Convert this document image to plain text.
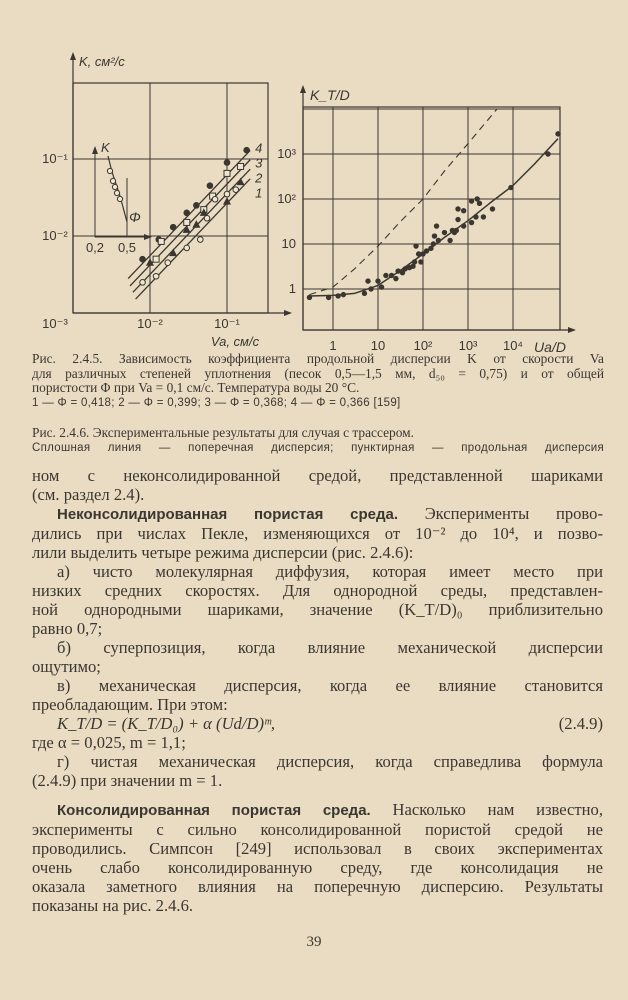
10⁻²	10⁻¹
10⁻¹
10⁻²
10⁻³
K, см²/с
Va, см/с
4
3
2
1
K
Φ
0,2 0,5
1	10 10² 10³ 10⁴
1
10
10²
10³
K_T/D
Ua/D
Рис. 2.4.5. Зависимость коэффициента продольной дисперсии K от скорости Va
для различных степеней уплотнения (песок 0,5—1,5 мм, d₅₀ = 0,75) и от общей
пористости Φ при Va = 0,1 см/с. Температура воды 20 °C.
1 — Φ = 0,418; 2 — Φ = 0,399; 3 — Φ = 0,368; 4 — Φ = 0,366 [159]
Рис. 2.4.6. Экспериментальные результаты для случая с трассером.
Сплошная линия — поперечная дисперсия; пунктирная — продольная дисперсия
ном с неконсолидированной средой, представленной шариками
(см. раздел 2.4).
Неконсолидированная пористая среда. Эксперименты прово-
дились при числах Пекле, изменяющихся от 10⁻² до 10⁴, и позво-
лили выделить четыре режима дисперсии (рис. 2.4.6):
а) чисто молекулярная диффузия, которая имеет место при
низких средних скоростях. Для однородной среды, представлен-
ной однородными шариками, значение (K_T/D)₀ приблизительно
равно 0,7;
б) суперпозиция, когда влияние механической дисперсии
ощутимо;
в) механическая дисперсия, когда ее влияние становится
преобладающим. При этом:
K_T/D = (K_T/D₀) + α (Ud/D)ᵐ,	(2.4.9)
где α = 0,025, m = 1,1;
г) чистая механическая дисперсия, когда справедлива формула
(2.4.9) при значении m = 1.
Консолидированная пористая среда. Насколько нам известно,
эксперименты с сильно консолидированной пористой средой не
проводились. Симпсон [249] использовал в своих экспериментах
очень слабо консолидированную среду, где консолидация не
оказала заметного влияния на поперечную дисперсию. Результаты
показаны на рис. 2.4.6.
39
